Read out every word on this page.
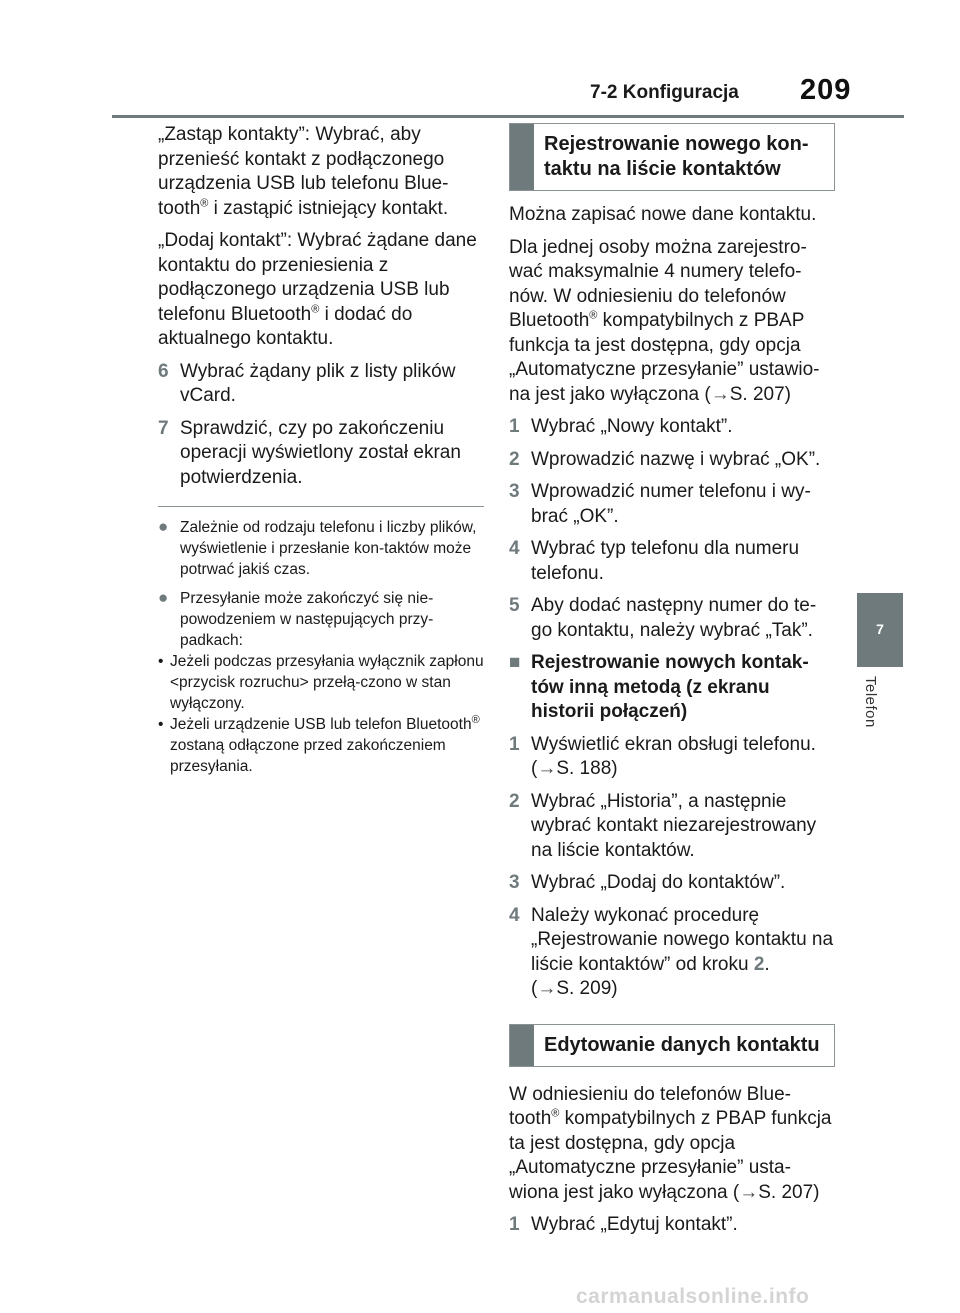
7-2 Konfiguracja 209
7
Telefon

„Zastąp kontakty”: Wybrać, aby przenieść kontakt z podłączonego urządzenia USB lub telefonu Blue-tooth® i zastąpić istniejący kontakt.

„Dodaj kontakt”: Wybrać żądane dane kontaktu do przeniesienia z podłączonego urządzenia USB lub telefonu Bluetooth® i dodać do aktualnego kontaktu.

6 Wybrać żądany plik z listy plików vCard.
7 Sprawdzić, czy po zakończeniu operacji wyświetlony został ekran potwierdzenia.
● Zależnie od rodzaju telefonu i liczby plików, wyświetlenie i przesłanie kon-taktów może potrwać jakiś czas.
● Przesyłanie może zakończyć się nie-powodzeniem w następujących przy-padkach:
• Jeżeli podczas przesyłania wyłącznik zapłonu <przycisk rozruchu> przełą-czono w stan wyłączony.
• Jeżeli urządzenie USB lub telefon Bluetooth® zostaną odłączone przed zakończeniem przesyłania.
Rejestrowanie nowego kon-taktu na liście kontaktów

Można zapisać nowe dane kontaktu.

Dla jednej osoby można zarejestro-wać maksymalnie 4 numery telefo-nów. W odniesieniu do telefonów Bluetooth® kompatybilnych z PBAP funkcja ta jest dostępna, gdy opcja „Automatyczne przesyłanie” ustawio-na jest jako wyłączona (→S. 207)

1 Wybrać „Nowy kontakt”.
2 Wprowadzić nazwę i wybrać „OK”.
3 Wprowadzić numer telefonu i wy-brać „OK”.
4 Wybrać typ telefonu dla numeru telefonu.
5 Aby dodać następny numer do te-go kontaktu, należy wybrać „Tak”.
■ Rejestrowanie nowych kontak-tów inną metodą (z ekranu historii połączeń)
1 Wyświetlić ekran obsługi telefonu.
(→S. 188)
2 Wybrać „Historia”, a następnie wybrać kontakt niezarejestrowany na liście kontaktów.
3 Wybrać „Dodaj do kontaktów”.
4 Należy wykonać procedurę „Rejestrowanie nowego kontaktu na liście kontaktów” od kroku 2.
(→S. 209)
Edytowanie danych kontaktu

W odniesieniu do telefonów Blue-tooth® kompatybilnych z PBAP funkcja ta jest dostępna, gdy opcja „Automatyczne przesyłanie” usta-wiona jest jako wyłączona (→S. 207)

1 Wybrać „Edytuj kontakt”.
carmanualsonline.info
